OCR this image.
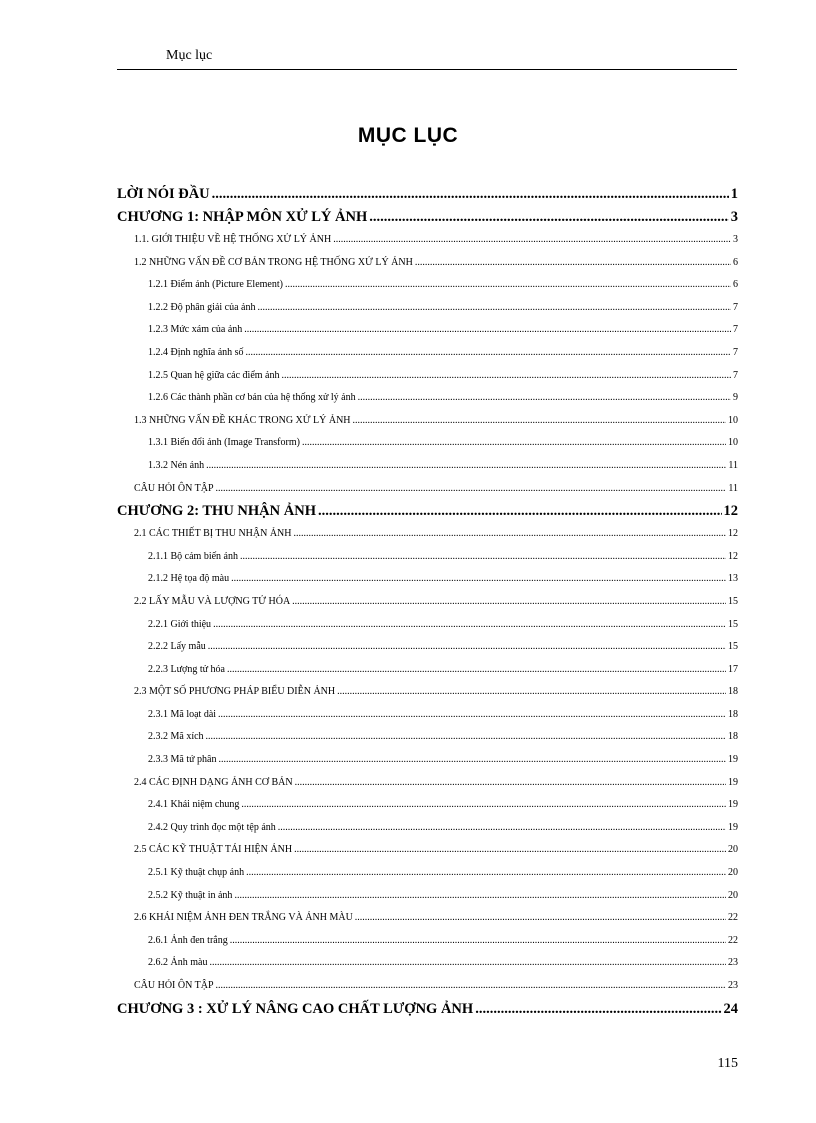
Mục lục
MỤC LỤC
LỜI NÓI ĐẦU .....	1
CHƯƠNG 1: NHẬP MÔN XỬ LÝ ẢNH .....	3
1.1. GIỚI THIỆU VỀ HỆ THỐNG XỬ LÝ ẢNH .....	3
1.2 NHỮNG VẤN ĐỀ CƠ BẢN TRONG HỆ THỐNG XỬ LÝ ẢNH .....	6
1.2.1 Điểm ảnh (Picture Element) .....	6
1.2.2 Độ phân giải của ảnh .....	7
1.2.3 Mức xám của ảnh .....	7
1.2.4 Định nghĩa ảnh số .....	7
1.2.5 Quan hệ giữa các điểm ảnh .....	7
1.2.6 Các thành phần cơ bản của hệ thống xử lý ảnh .....	9
1.3 NHỮNG VẤN ĐỀ KHÁC TRONG XỬ LÝ ẢNH .....	10
1.3.1 Biến đổi ảnh (Image Transform) .....	10
1.3.2 Nén ảnh .....	11
CÂU HỎI ÔN TẬP .....	11
CHƯƠNG 2: THU NHẬN ẢNH .....	12
2.1 CÁC THIẾT BỊ THU NHẬN ẢNH .....	12
2.1.1 Bộ cảm biến ảnh .....	12
2.1.2 Hệ tọa độ màu .....	13
2.2 LẤY MẪU VÀ LƯỢNG TỬ HÓA .....	15
2.2.1 Giới thiệu .....	15
2.2.2 Lấy mẫu .....	15
2.2.3 Lượng tử hóa .....	17
2.3 MỘT SỐ PHƯƠNG PHÁP BIỂU DIỄN ẢNH .....	18
2.3.1 Mã loạt dài .....	18
2.3.2 Mã xích .....	18
2.3.3 Mã tứ phân .....	19
2.4 CÁC ĐỊNH DẠNG ẢNH CƠ BẢN .....	19
2.4.1 Khái niệm chung .....	19
2.4.2 Quy trình đọc một tệp ảnh .....	19
2.5 CÁC KỸ THUẬT TÁI HIỆN ẢNH .....	20
2.5.1 Kỹ thuật chụp ảnh .....	20
2.5.2 Kỹ thuật in ảnh .....	20
2.6 KHÁI NIỆM ẢNH ĐEN TRẮNG VÀ ẢNH MÀU .....	22
2.6.1 Ảnh đen trắng .....	22
2.6.2 Ảnh màu .....	23
CÂU HỎI ÔN TẬP .....	23
CHƯƠNG 3 : XỬ LÝ NÂNG CAO CHẤT LƯỢNG ẢNH .....	24
115
